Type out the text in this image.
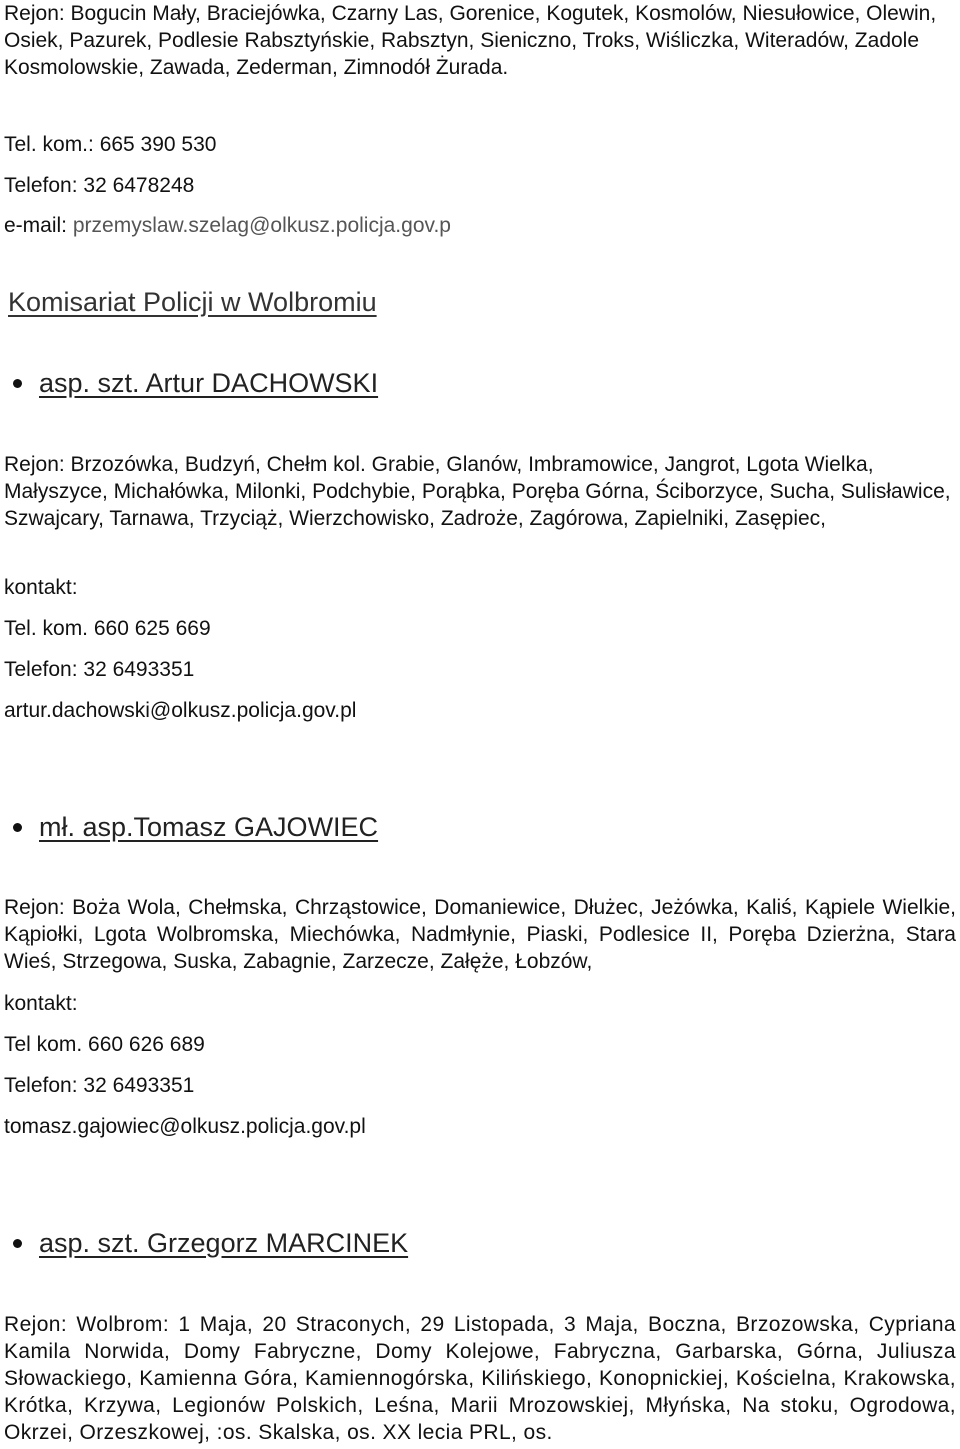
Rejon: Bogucin Mały, Braciejówka, Czarny Las, Gorenice, Kogutek, Kosmolów, Niesułowice, Olewin, Osiek, Pazurek, Podlesie Rabsztyńskie, Rabsztyn, Sieniczno, Troks, Wiśliczka, Witeradów, Zadole Kosmolowskie, Zawada, Zederman, Zimnodół Żurada.

Tel. kom.: 665 390 530

Telefon: 32 6478248

e-mail: przemyslaw.szelag@olkusz.policja.gov.p

Komisariat Policji w Wolbromiu
asp. szt. Artur DACHOWSKI

Rejon: Brzozówka, Budzyń, Chełm kol. Grabie, Glanów, Imbramowice, Jangrot, Lgota Wielka, Małyszyce, Michałówka, Milonki, Podchybie, Porąbka, Poręba Górna, Ściborzyce, Sucha, Sulisławice, Szwajcary, Tarnawa, Trzyciąż, Wierzchowisko, Zadroże, Zagórowa, Zapielniki, Zasępiec,

kontakt:

Tel. kom. 660 625 669

Telefon: 32 6493351

artur.dachowski@olkusz.policja.gov.pl

mł. asp.Tomasz GAJOWIEC

Rejon: Boża Wola, Chełmska, Chrząstowice, Domaniewice, Dłużec, Jeżówka, Kaliś, Kąpiele Wielkie, Kąpiołki, Lgota Wolbromska, Miechówka, Nadmłynie, Piaski, Podlesice II, Poręba Dzierżna, Stara Wieś, Strzegowa, Suska, Zabagnie, Zarzecze, Załęże, Łobzów,

kontakt:

Tel kom. 660 626 689

Telefon: 32 6493351

tomasz.gajowiec@olkusz.policja.gov.pl

asp. szt. Grzegorz MARCINEK

Rejon: Wolbrom: 1 Maja, 20 Straconych, 29 Listopada, 3 Maja, Boczna, Brzozowska, Cypriana Kamila Norwida, Domy Fabryczne, Domy Kolejowe, Fabryczna, Garbarska, Górna, Juliusza Słowackiego, Kamienna Góra, Kamiennogórska, Kilińskiego, Konopnickiej, Kościelna, Krakowska, Krótka, Krzywa, Legionów Polskich, Leśna, Marii Mrozowskiej, Młyńska, Na stoku, Ogrodowa, Okrzei, Orzeszkowej, :os. Skalska, os. XX lecia PRL, os.
